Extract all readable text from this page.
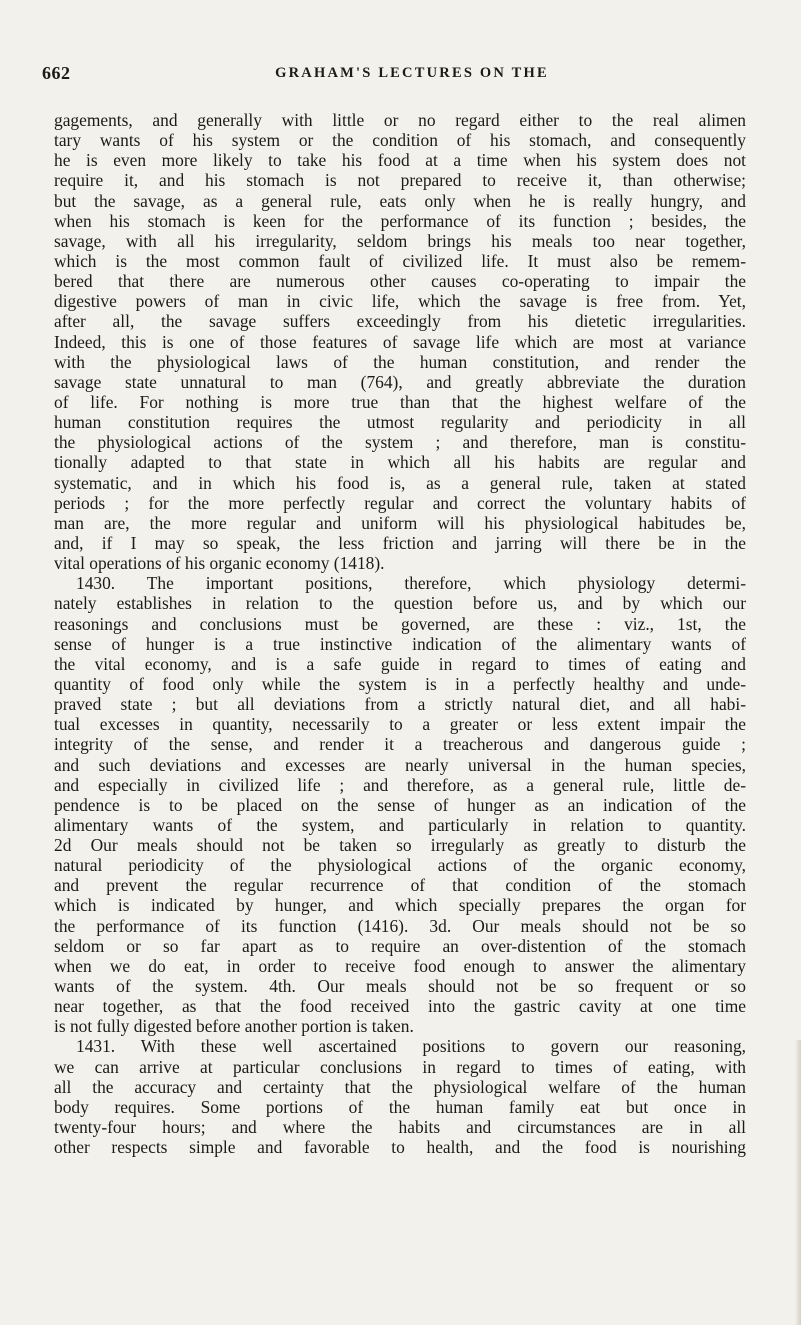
662	GRAHAM'S LECTURES ON THE
gagements, and generally with little or no regard either to the real alimen
tary wants of his system or the condition of his stomach, and consequently
he is even more likely to take his food at a time when his system does not
require it, and his stomach is not prepared to receive it, than otherwise;
but the savage, as a general rule, eats only when he is really hungry, and
when his stomach is keen for the performance of its function ; besides, the
savage, with all his irregularity, seldom brings his meals too near together,
which is the most common fault of civilized life. It must also be remem-
bered that there are numerous other causes co-operating to impair the
digestive powers of man in civic life, which the savage is free from. Yet,
after all, the savage suffers exceedingly from his dietetic irregularities.
Indeed, this is one of those features of savage life which are most at variance
with the physiological laws of the human constitution, and render the
savage state unnatural to man (764), and greatly abbreviate the duration
of life. For nothing is more true than that the highest welfare of the
human constitution requires the utmost regularity and periodicity in all
the physiological actions of the system ; and therefore, man is constitu-
tionally adapted to that state in which all his habits are regular and
systematic, and in which his food is, as a general rule, taken at stated
periods ; for the more perfectly regular and correct the voluntary habits of
man are, the more regular and uniform will his physiological habitudes be,
and, if I may so speak, the less friction and jarring will there be in the
vital operations of his organic economy (1418).
1430. The important positions, therefore, which physiology determi-
nately establishes in relation to the question before us, and by which our
reasonings and conclusions must be governed, are these : viz., 1st, the
sense of hunger is a true instinctive indication of the alimentary wants of
the vital economy, and is a safe guide in regard to times of eating and
quantity of food only while the system is in a perfectly healthy and unde-
praved state ; but all deviations from a strictly natural diet, and all habi-
tual excesses in quantity, necessarily to a greater or less extent impair the
integrity of the sense, and render it a treacherous and dangerous guide ;
and such deviations and excesses are nearly universal in the human species,
and especially in civilized life ; and therefore, as a general rule, little de-
pendence is to be placed on the sense of hunger as an indication of the
alimentary wants of the system, and particularly in relation to quantity.
2d Our meals should not be taken so irregularly as greatly to disturb the
natural periodicity of the physiological actions of the organic economy,
and prevent the regular recurrence of that condition of the stomach
which is indicated by hunger, and which specially prepares the organ for
the performance of its function (1416). 3d. Our meals should not be so
seldom or so far apart as to require an over-distention of the stomach
when we do eat, in order to receive food enough to answer the alimentary
wants of the system. 4th. Our meals should not be so frequent or so
near together, as that the food received into the gastric cavity at one time
is not fully digested before another portion is taken.
1431. With these well ascertained positions to govern our reasoning,
we can arrive at particular conclusions in regard to times of eating, with
all the accuracy and certainty that the physiological welfare of the human
body requires. Some portions of the human family eat but once in
twenty-four hours; and where the habits and circumstances are in all
other respects simple and favorable to health, and the food is nourishing
